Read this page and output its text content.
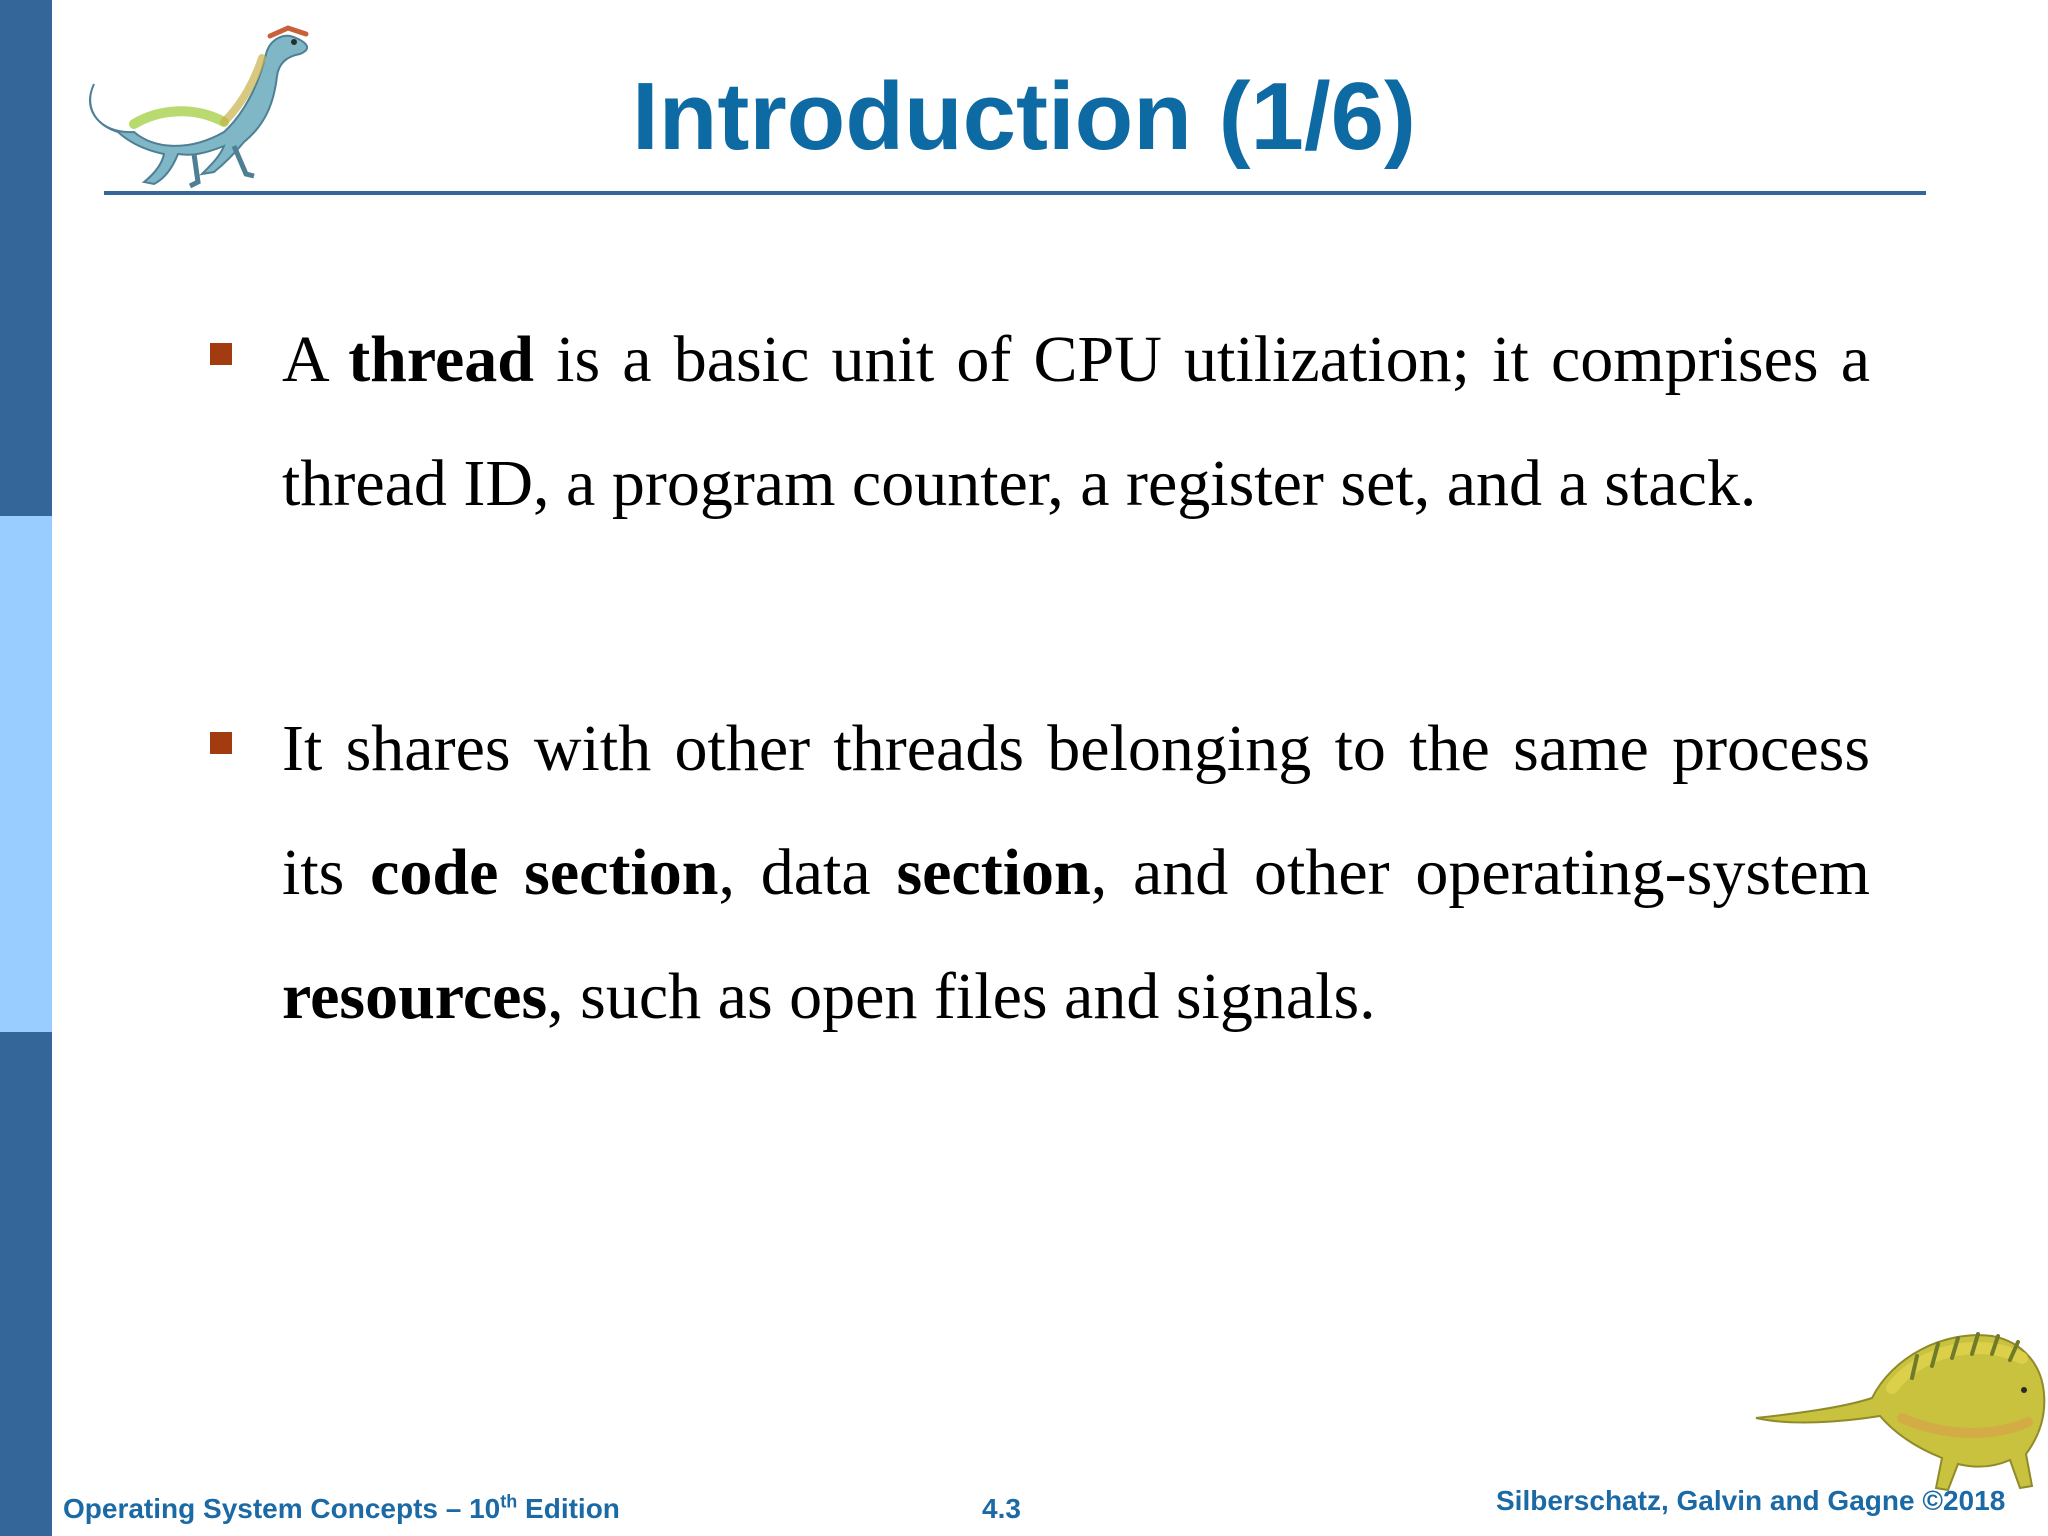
Introduction (1/6)
A thread is a basic unit of CPU utilization; it comprises a thread ID, a program counter, a register set, and a stack.
It shares with other threads belonging to the same process its code section, data section, and other operating-system resources, such as open files and signals.
Operating System Concepts – 10th Edition	4.3	Silberschatz, Galvin and Gagne ©2018
